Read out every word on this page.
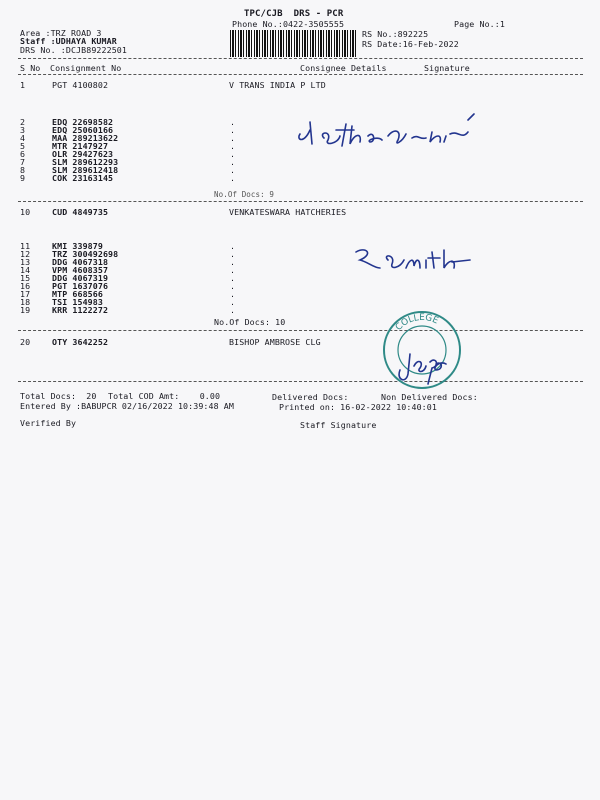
TPC/CJB  DRS - PCR
Phone No.:0422-3505555	Page No.:1
Area :TRZ ROAD 3
Staff :UDHAYA KUMAR
DRS No. :DCJB89222501
RS No.:892225
RS Date:16-Feb-2022
S No Consignment No	Consignee Details	Signature
1	PGT 4100802	V TRANS INDIA P LTD
2	EDQ 22698582	.
3	EDQ 25060166	.
4	MAA 289213622	.
5	MTR 2147927	.
6	OLR 29427623	.
7	SLM 289612293	.
8	SLM 289612418	.
9	COK 23163145	.
No.Of Docs: 9
10	CUD 4849735	VENKATESWARA HATCHERIES
11	KMI 339879	.
12	TRZ 300492698	.
13	DDG 4067318	.
14	VPM 4608357	.
15	DDG 4067319	.
16	PGT 1637076	.
17	MTP 668566	.
18	TSI 154983	.
19	KRR 1122272	.
No.Of Docs: 10
20	OTY 3642252	BISHOP AMBROSE CLG
Total Docs:  20 Total COD Amt:    0.00	Delivered Docs:	Non Delivered Docs:
Entered By :BABUPCR 02/16/2022 10:39:48 AM	Printed on: 16-02-2022 10:40:01
Verified By	Staff Signature
COLLEGE
